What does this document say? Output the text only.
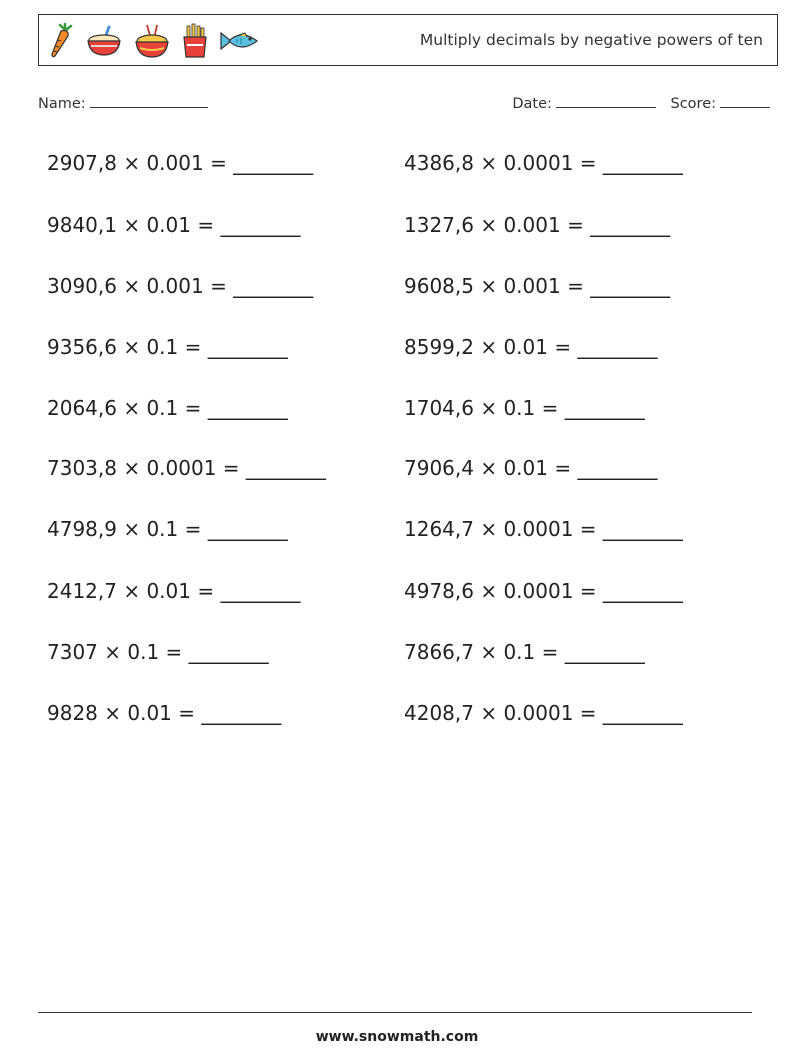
Multiply decimals by negative powers of ten
Name:	Date:	Score:
2907,8 × 0.001 = ________
9840,1 × 0.01 = ________
3090,6 × 0.001 = ________
9356,6 × 0.1 = ________
2064,6 × 0.1 = ________
7303,8 × 0.0001 = ________
4798,9 × 0.1 = ________
2412,7 × 0.01 = ________
7307 × 0.1 = ________
9828 × 0.01 = ________
4386,8 × 0.0001 = ________
1327,6 × 0.001 = ________
9608,5 × 0.001 = ________
8599,2 × 0.01 = ________
1704,6 × 0.1 = ________
7906,4 × 0.01 = ________
1264,7 × 0.0001 = ________
4978,6 × 0.0001 = ________
7866,7 × 0.1 = ________
4208,7 × 0.0001 = ________
www.snowmath.com
